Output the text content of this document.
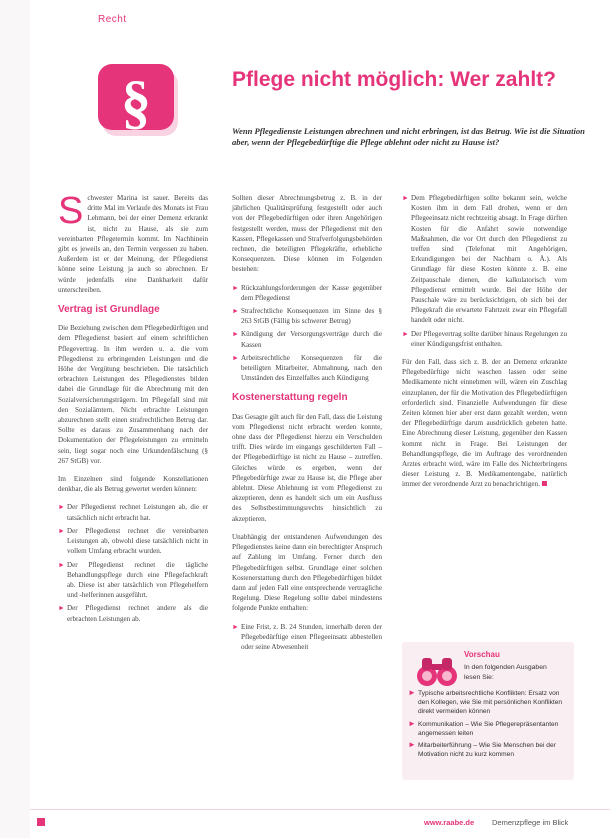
Recht
§	Pflege nicht möglich: Wer zahlt?
Wenn Pflegedienste Leistungen abrechnen und nicht erbringen, ist das Betrug. Wie ist die Situation aber, wenn der Pflegebedürftige die Pflege ablehnt oder nicht zu Hause ist?

S chwester Marina ist sauer. Bereits das dritte Mal im Verlaufe des Monats ist Frau Lehmann, bei der einer Demenz erkrankt ist, nicht zu Hause, als sie zum vereinbarten Pflegetermin kommt. Im Nachhinein gibt es jeweils an, den Termin vergessen zu haben. Außerdem ist er der Meinung, der Pflegedienst könne seine Leistung ja auch so abrechnen. Er würde jedenfalls eine Dankbarkeit dafür unterschreiben.

Vertrag ist Grundlage

Die Beziehung zwischen dem Pflegebedürftigen und dem Pflegedienst basiert auf einem schriftlichen Pflegevertrag. In ihm werden u. a. die vom Pflegedienst zu erbringenden Leistungen und die Höhe der Vergütung beschrieben. Die tatsächlich erbrachten Leistungen des Pflegedienstes bilden dabei die Grundlage für die Abrechnung mit den Sozialversicherungsträgern. Im Pflegefall sind mit den Sozialämtern. Nicht erbrachte Leistungen abzurechnen stellt einen strafrechtlichen Betrug dar. Sollte es daraus zu Zusammenhang nach der Dokumentation der Pflegeleistungen zu ermitteln sein, liegt sogar noch eine Urkundenfälschung (§ 267 StGB) vor.

Im Einzelnen sind folgende Konstellationen denkbar, die als Betrug gewertet werden können:

► Der Pflegedienst rechnet Leistungen ab, die er tatsächlich nicht erbracht hat.
► Der Pflegedienst rechnet die vereinbarten Leistungen ab, obwohl diese tatsächlich nicht in vollem Umfang erbracht wurden.
► Der Pflegedienst rechnet die tägliche Behandlungspflege durch eine Pflegefachkraft ab. Diese ist aber tatsächlich von Pflegehelfern und -helferinnen ausgeführt.
► Der Pflegedienst rechnet andere als die erbrachten Leistungen ab.

Sollten dieser Abrechnungsbetrug z. B. in der jährlichen Qualitätsprüfung festgestellt oder auch von der Pflegebedürftigen oder ihren Angehörigen festgestellt werden, muss der Pflegedienst mit den Kassen, Pflegekassen und Strafverfolgungsbehörden rechnen, die beteiligten Pflegekräfte, erhebliche Konsequenzen. Diese können im Folgenden bestehen:

► Rückzahlungsforderungen der Kasse gegenüber dem Pflegedienst
► Strafrechtliche Konsequenzen im Sinne des § 263 StGB (Fällig bis schwerer Betrug)
► Kündigung der Versorgungsverträge durch die Kassen
► Arbeitsrechtliche Konsequenzen für die beteiligten Mitarbeiter, Abmahnung, nach den Umständen des Einzelfalles auch Kündigung
Kostenerstattung regeln

Das Gesagte gilt auch für den Fall, dass die Leistung vom Pflegedienst nicht erbracht werden konnte, ohne dass der Pflegedienst hierzu ein Verschulden trifft. Dies würde im eingangs geschilderten Fall – der Pflegebedürftige ist nicht zu Hause – zutreffen. Gleiches würde es ergeben, wenn der Pflegebedürftige zwar zu Hause ist, die Pflege aber ablehnt. Diese Ablehnung ist vom Pflegedienst zu akzeptieren, denn es handelt sich um ein Ausfluss des Selbstbestimmungsrechts hinsichtlich zu akzeptieren.

Unabhängig der entstandenen Aufwendungen des Pflegedienstes keine dann ein berechtigter Anspruch auf Zahlung im Umfang. Ferner durch den Pflegebedürftigen selbst. Grundlage einer solchen Kostenerstattung durch den Pflegebedürftigen bildet dann auf jeden Fall eine entsprechende vertragliche Regelung. Diese Regelung sollte dabei mindestens folgende Punkte enthalten:

► Eine Frist, z. B. 24 Stunden, innerhalb deren der Pflegebedürftige einen Pflegeeinsatz abbestellen oder seine Abwesenheit
► Dem Pflegebedürftigen sollte bekannt sein, welche Kosten ihm in dem Fall drohen, wenn er den Pflegeeinsatz nicht rechtzeitig absagt. In Frage dürften Kosten für die Anfahrt sowie notwendige Maßnahmen, die vor Ort durch den Pflegedienst zu treffen sind (Telefonat mit Angehörigen, Erkundigungen bei der Nachbarn o. Ä.). Als Grundlage für diese Kosten könnte z. B. eine Zeitpauschale dienen, die kalkulatorisch vom Pflegedienst ermittelt wurde. Bei der Höhe der Pauschale wäre zu berücksichtigen, ob sich bei der Pflegekraft die erwartete Fahrtzeit zwar ein Pflegefall handelt oder nicht.
► Der Pflegevertrag sollte darüber hinaus Regelungen zu einer Kündigungsfrist enthalten.

Für den Fall, dass sich z. B. der an Demenz erkrankte Pflegebedürftige nicht waschen lassen oder seine Medikamente nicht einnehmen will, wären ein Zuschlag einzuplanen, der für die Motivation des Pflegebedürftigen erforderlich sind. Finanzielle Aufwendungen für diese Zeiten können hier aber erst dann gezahlt werden, wenn der Pflegebedürftige darum ausdrücklich gebeten hatte. Eine Abrechnung dieser Leistung, gegenüber den Kassen kommt nicht in Frage. Bei Leistungen der Behandlungspflege, die im Auftrage des verordnenden Arztes erbracht wird, wäre im Falle des Nichterbringens dieser Leistung z. B. Medikamentengabe, natürlich immer der verordnende Arzt zu benachrichtigen.

Vorschau
In den folgenden Ausgaben lesen Sie:
► Typische arbeitsrechtliche Konflikten: Ersatz von den Kollegen, wie Sie mit persönlichen Konflikten direkt vermeiden können
► Kommunikation – Wie Sie Pflegerepräsentanten angemessen leiten
► Mitarbeiterführung – Wie Sie Menschen bei der Motivation nicht zu kurz kommen
www.raabe.de Demenzpflege im Blick
